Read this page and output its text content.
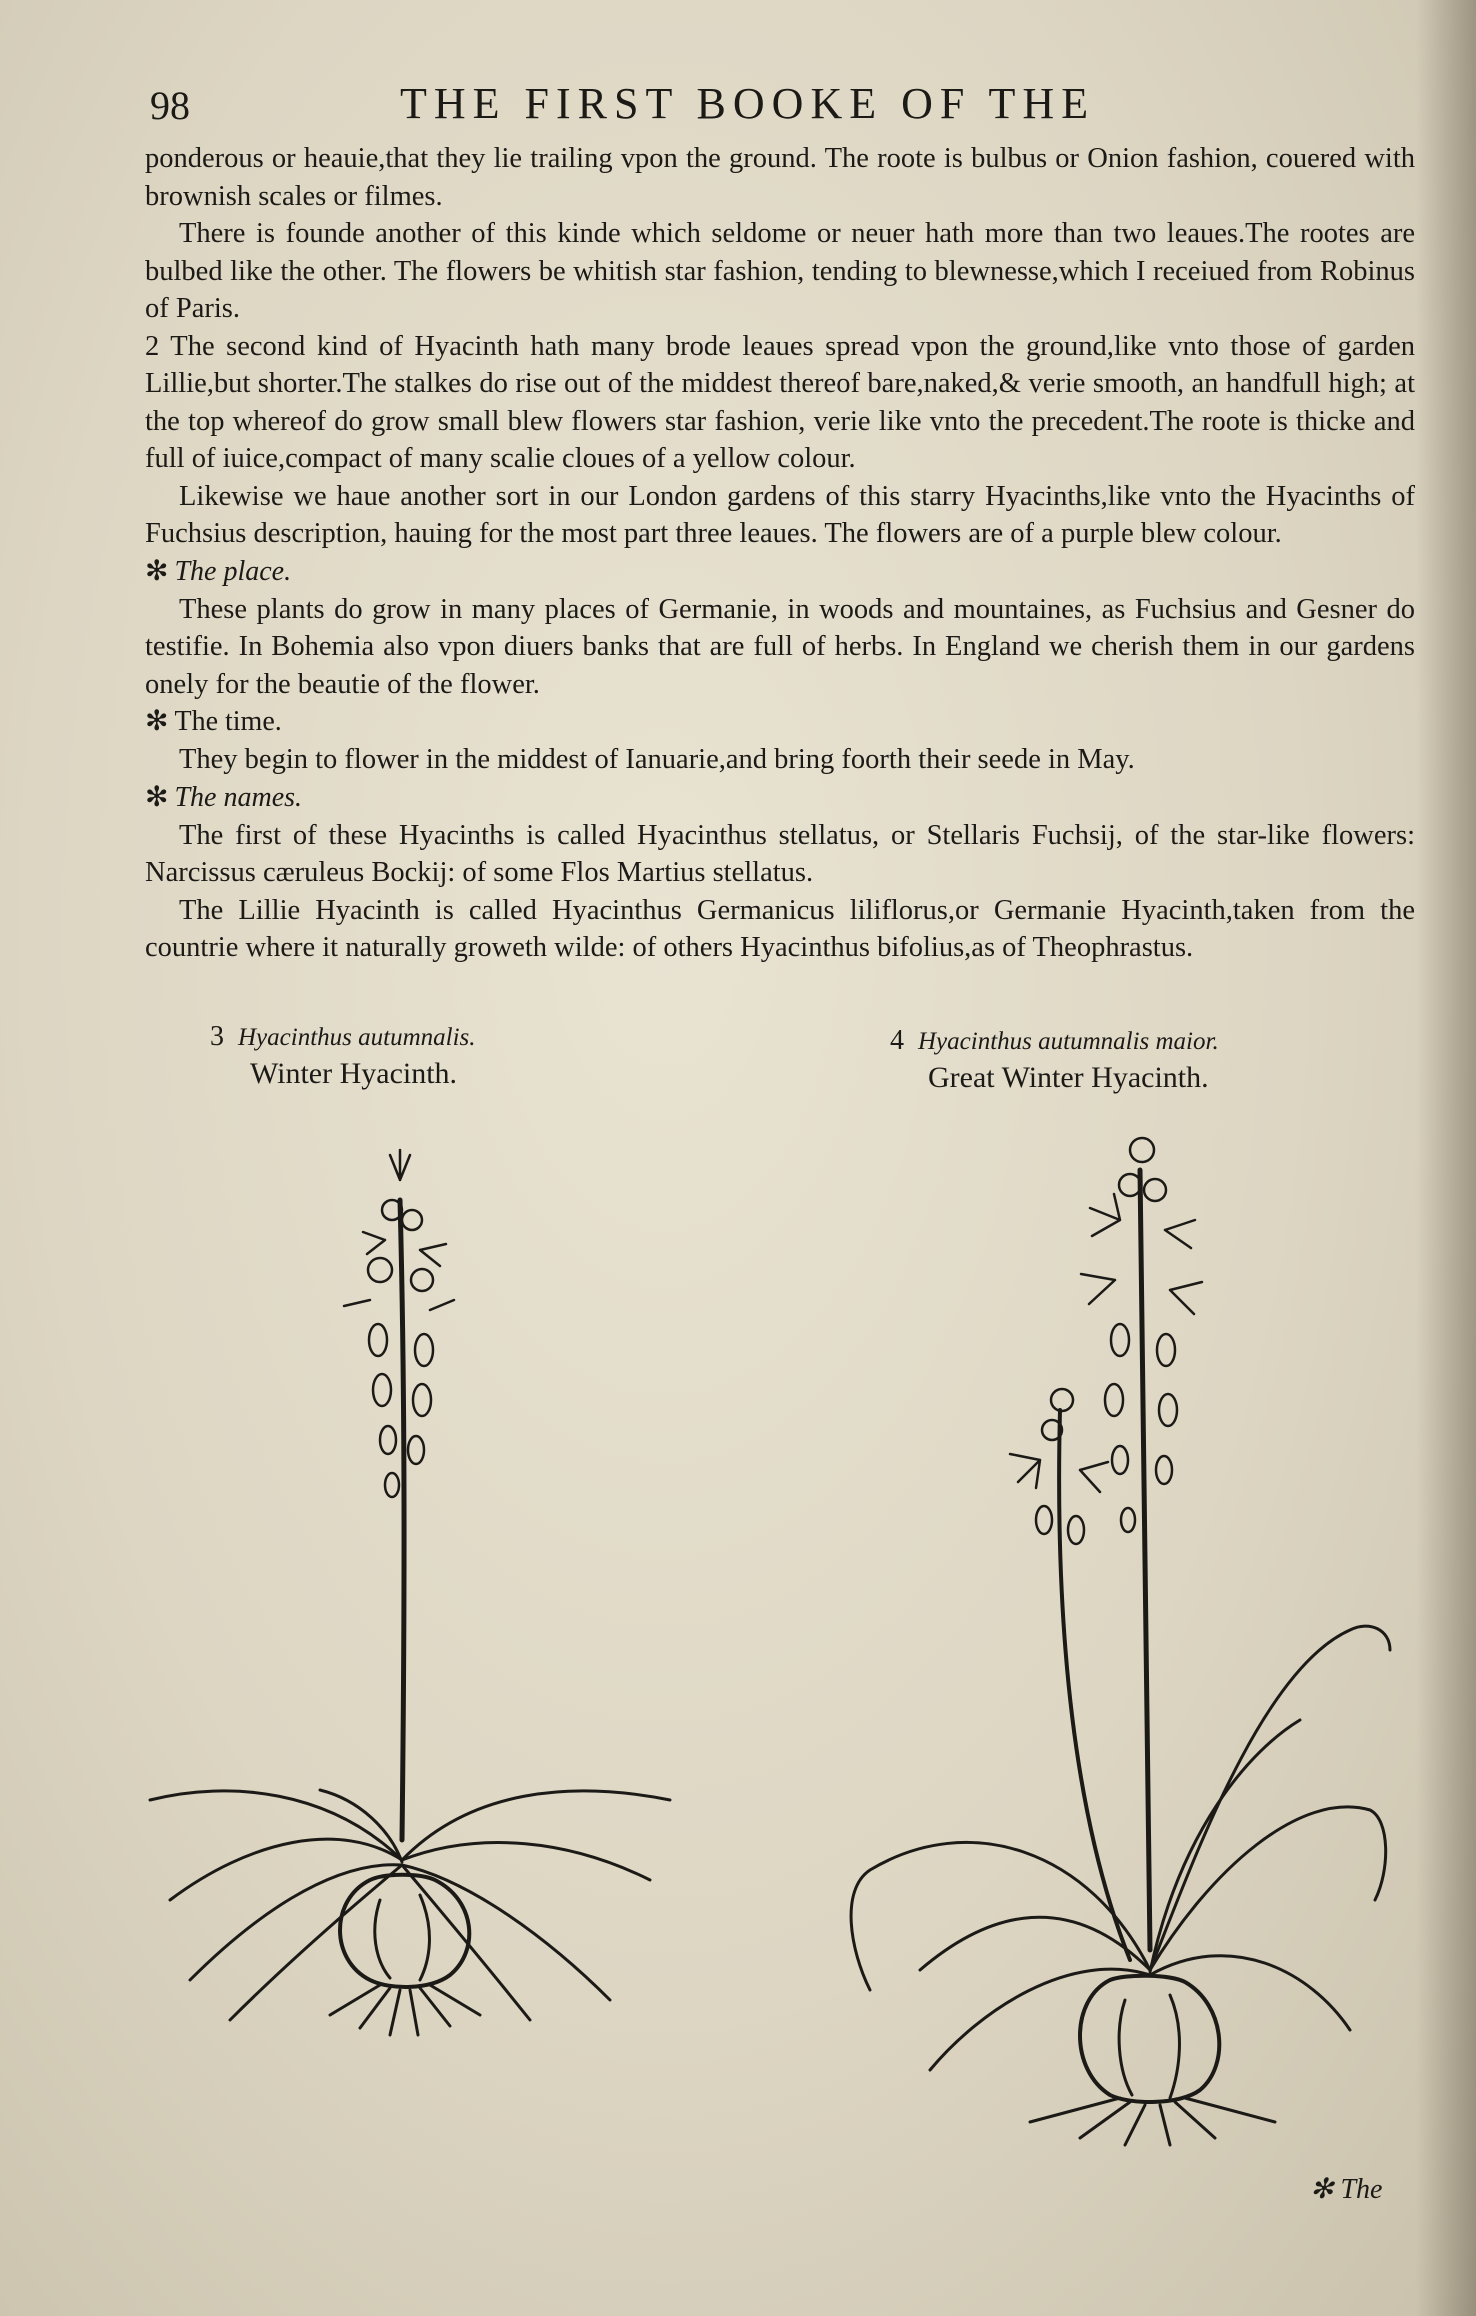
98	THE FIRST BOOKE OF THE

ponderous or heauie,that they lie trailing vpon the ground. The roote is bulbus or Onion fashion, couered with brownish scales or filmes.

There is founde another of this kinde which seldome or neuer hath more than two leaues.The rootes are bulbed like the other. The flowers be whitish star fashion, tending to blewnesse,which I receiued from Robinus of Paris.

2 The second kind of Hyacinth hath many brode leaues spread vpon the ground,like vnto those of garden Lillie,but shorter.The stalkes do rise out of the middest thereof bare,naked,& verie smooth, an handfull high; at the top whereof do grow small blew flowers star fashion, verie like vnto the precedent.The roote is thicke and full of iuice,compact of many scalie cloues of a yellow colour.

Likewise we haue another sort in our London gardens of this starry Hyacinths,like vnto the Hyacinths of Fuchsius description, hauing for the most part three leaues. The flowers are of a purple blew colour.

✻ The place.

These plants do grow in many places of Germanie, in woods and mountaines, as Fuchsius and Gesner do testifie. In Bohemia also vpon diuers banks that are full of herbs. In England we cherish them in our gardens onely for the beautie of the flower.

✻ The time.

They begin to flower in the middest of Ianuarie,and bring foorth their seede in May.

✻ The names.

The first of these Hyacinths is called Hyacinthus stellatus, or Stellaris Fuchsij, of the star-like flowers: Narcissus cæruleus Bockij: of some Flos Martius stellatus.

The Lillie Hyacinth is called Hyacinthus Germanicus liliflorus,or Germanie Hyacinth,taken from the countrie where it naturally groweth wilde: of others Hyacinthus bifolius,as of Theophrastus.

3 Hyacinthus autumnalis.
Winter Hyacinth.
4 Hyacinthus autumnalis maior.
Great Winter Hyacinth.
✻ The
